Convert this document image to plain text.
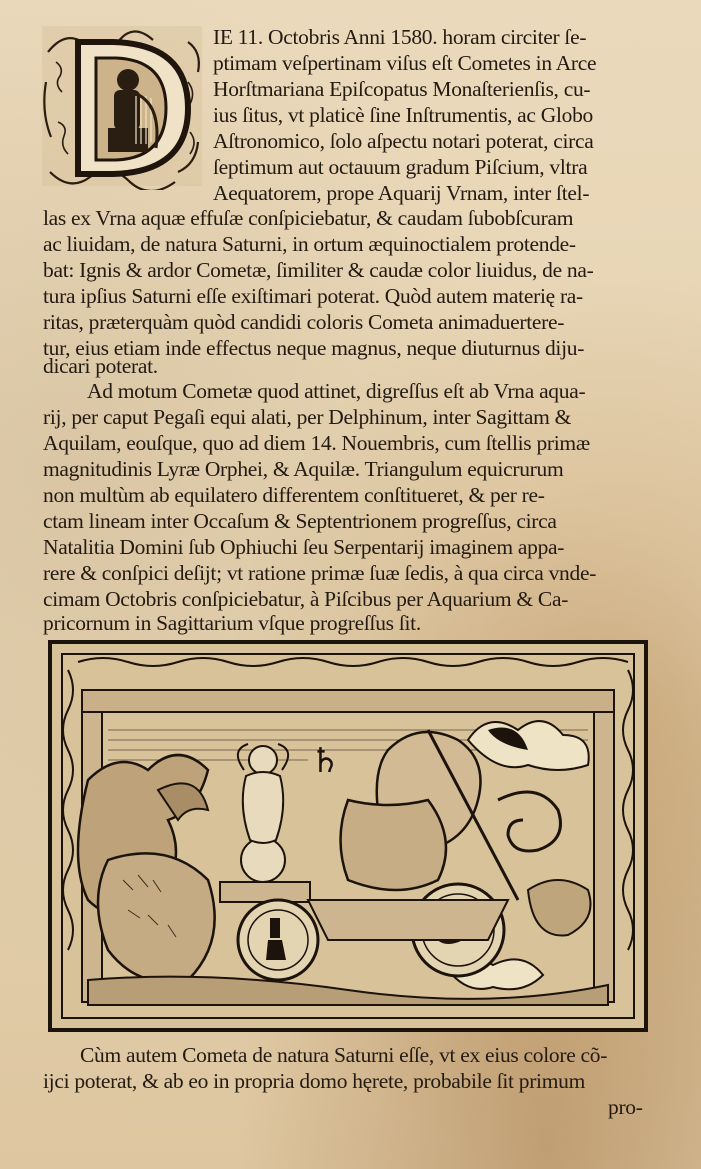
IE 11. Octobris Anni 1580. horam circiter ſe-
ptimam veſpertinam viſus eſt Cometes in Arce
Horſtmariana Epiſcopatus Monaſterienſis, cu-
ius ſitus, vt platicè ſine Inſtrumentis, ac Globo
Aſtronomico, ſolo aſpectu notari poterat, circa
ſeptimum aut octauum gradum Piſcium, vltra
Aequatorem, prope Aquarij Vrnam, inter ſtel-
las ex Vrna aquæ effuſæ conſpiciebatur, & caudam ſubobſcuram
ac liuidam, de natura Saturni, in ortum æquinoctialem protende-
bat: Ignis & ardor Cometæ, ſimiliter & caudæ color liuidus, de na-
tura ipſius Saturni eſſe exiſtimari poterat. Quòd autem materię ra-
ritas, præterquàm quòd candidi coloris Cometa animaduertere-
tur, eius etiam inde effectus neque magnus, neque diuturnus diju-
dicari poterat.
Ad motum Cometæ quod attinet, digreſſus eſt ab Vrna aqua-
rij, per caput Pegaſi equi alati, per Delphinum, inter Sagittam &
Aquilam, eouſque, quo ad diem 14. Nouembris, cum ſtellis primæ
magnitudinis Lyræ Orphei, & Aquilæ. Triangulum equicrurum
non multùm ab equilatero differentem conſtitueret, & per re-
ctam lineam inter Occaſum & Septentrionem progreſſus, circa
Natalitia Domini ſub Ophiuchi ſeu Serpentarij imaginem appa-
rere & conſpici deſijt; vt ratione primæ ſuæ ſedis, à qua circa vnde-
cimam Octobris conſpiciebatur, à Piſcibus per Aquarium & Ca-
pricornum in Sagittarium vſque progreſſus ſit.
♄
Cùm autem Cometa de natura Saturni eſſe, vt ex eius colore cõ-
ijci poterat, & ab eo in propria domo hęrete, probabile ſit primum
pro-
